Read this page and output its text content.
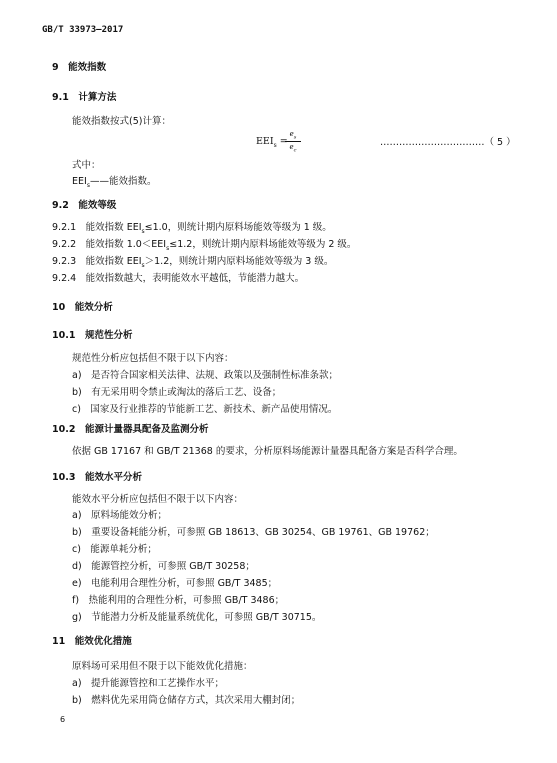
GB/T 33973—2017
9　能效指数
9.1　计算方法
能效指数按式(5)计算：
$EEI_s$ =
$e_s$
$e_c$
……………………………（ 5 ）
式中：
$EEI_s——$能效指数。
9.2　能效等级
9.2.1　能效指数 $EEI_s\le 1.0$，则统计期内原料场能效等级为 1 级。
9.2.2　能效指数 $1.0<EEI_s\le 1.2$，则统计期内原料场能效等级为 2 级。
9.2.3　能效指数 $EEI_s>1.2$，则统计期内原料场能效等级为 3 级。
9.2.4　能效指数越大，表明能效水平越低，节能潜力越大。
10　能效分析
10.1　规范性分析
规范性分析应包括但不限于以下内容：
a)　是否符合国家相关法律、法规、政策以及强制性标准条款；
b)　有无采用明令禁止或淘汰的落后工艺、设备；
c)　国家及行业推荐的节能新工艺、新技术、新产品使用情况。
10.2　能源计量器具配备及监测分析
依据 GB 17167 和 GB/T 21368 的要求，分析原料场能源计量器具配备方案是否科学合理。
10.3　能效水平分析
能效水平分析应包括但不限于以下内容：
a)　原料场能效分析；
b)　重要设备耗能分析，可参照 GB 18613、GB 30254、GB 19761、GB 19762；
c)　能源单耗分析；
d)　能源管控分析，可参照 GB/T 30258；
e)　电能利用合理性分析，可参照 GB/T 3485；
f)　热能利用的合理性分析，可参照 GB/T 3486；
g)　节能潜力分析及能量系统优化，可参照 GB/T 30715。
11　能效优化措施
原料场可采用但不限于以下能效优化措施：
a)　提升能源管控和工艺操作水平；
b)　燃料优先采用筒仓储存方式，其次采用大棚封闭；
6
